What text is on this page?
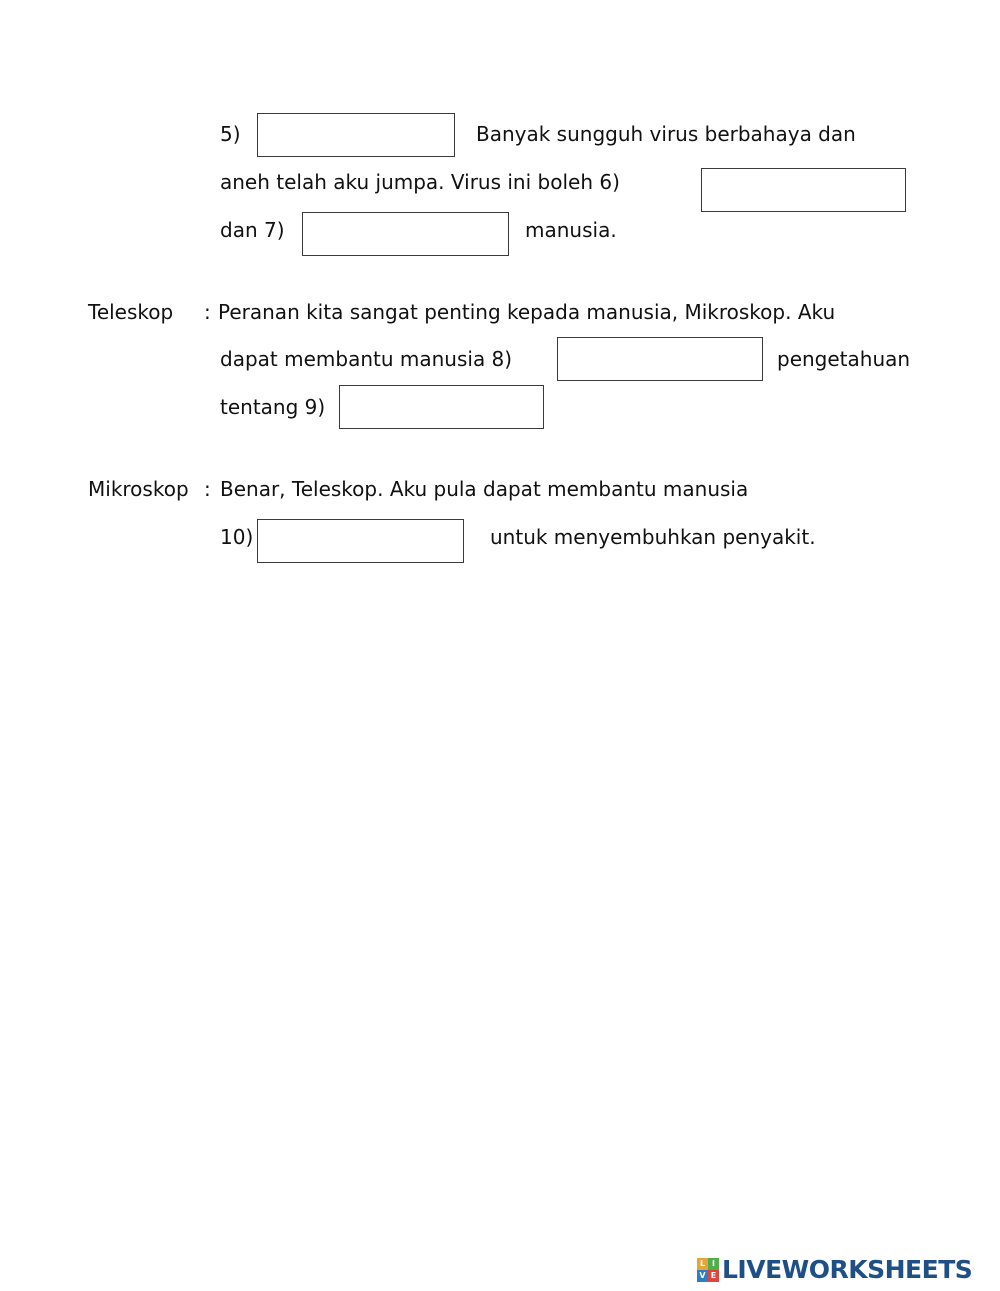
5)	Banyak sungguh virus berbahaya dan
aneh telah aku jumpa. Virus ini boleh 6)
dan 7)	manusia.
Teleskop : Peranan kita sangat penting kepada manusia, Mikroskop. Aku
dapat membantu manusia 8)	pengetahuan
tentang 9)
Mikroskop : Benar, Teleskop. Aku pula dapat membantu manusia
10)	untuk menyembuhkan penyakit.
L I
V E LIVEWORKSHEETS
